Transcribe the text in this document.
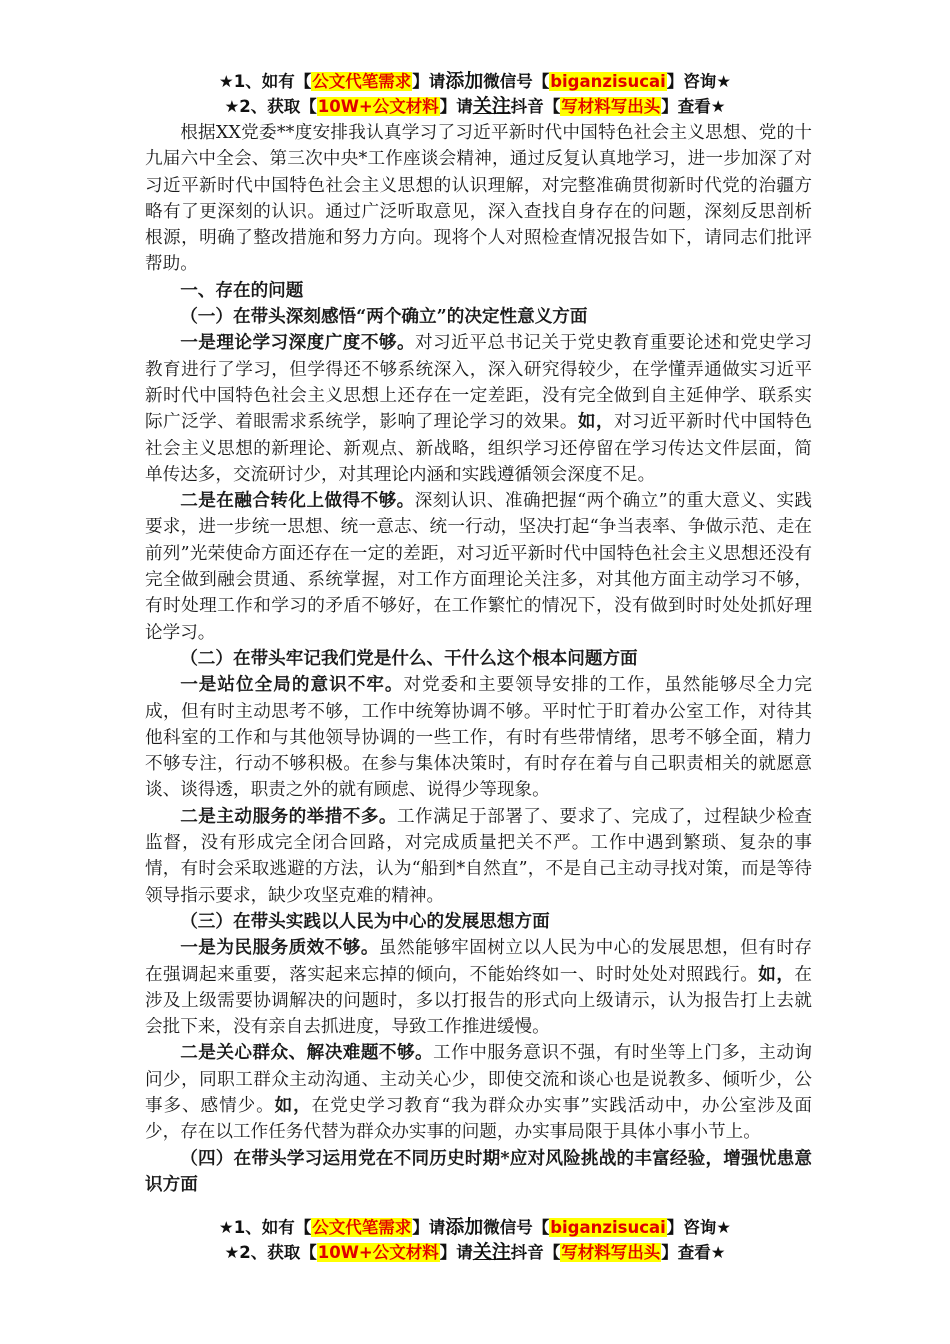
★1、如有【公文代笔需求】请添加微信号【biganzisucai】咨询★
★2、获取【10W+公文材料】请关注抖音【写材料写出头】查看★

根据XX党委**度安排我认真学习了习近平新时代中国特色社会主义思想、党的十九届六中全会、第三次中央*工作座谈会精神，通过反复认真地学习，进一步加深了对习近平新时代中国特色社会主义思想的认识理解，对完整准确贯彻新时代党的治疆方略有了更深刻的认识。通过广泛听取意见，深入查找自身存在的问题，深刻反思剖析根源，明确了整改措施和努力方向。现将个人对照检查情况报告如下，请同志们批评帮助。

一、存在的问题

（一）在带头深刻感悟“两个确立”的决定性意义方面

一是理论学习深度广度不够。对习近平总书记关于党史教育重要论述和党史学习教育进行了学习，但学得还不够系统深入，深入研究得较少，在学懂弄通做实习近平新时代中国特色社会主义思想上还存在一定差距，没有完全做到自主延伸学、联系实际广泛学、着眼需求系统学，影响了理论学习的效果。如，对习近平新时代中国特色社会主义思想的新理论、新观点、新战略，组织学习还停留在学习传达文件层面，简单传达多，交流研讨少，对其理论内涵和实践遵循领会深度不足。

二是在融合转化上做得不够。深刻认识、准确把握“两个确立”的重大意义、实践要求，进一步统一思想、统一意志、统一行动，坚决打起“争当表率、争做示范、走在前列”光荣使命方面还存在一定的差距，对习近平新时代中国特色社会主义思想还没有完全做到融会贯通、系统掌握，对工作方面理论关注多，对其他方面主动学习不够，有时处理工作和学习的矛盾不够好，在工作繁忙的情况下，没有做到时时处处抓好理论学习。

（二）在带头牢记我们党是什么、干什么这个根本问题方面

一是站位全局的意识不牢。对党委和主要领导安排的工作，虽然能够尽全力完成，但有时主动思考不够，工作中统筹协调不够。平时忙于盯着办公室工作，对待其他科室的工作和与其他领导协调的一些工作，有时有些带情绪，思考不够全面，精力不够专注，行动不够积极。在参与集体决策时，有时存在着与自己职责相关的就愿意谈、谈得透，职责之外的就有顾虑、说得少等现象。

二是主动服务的举措不多。工作满足于部署了、要求了、完成了，过程缺少检查监督，没有形成完全闭合回路，对完成质量把关不严。工作中遇到繁琐、复杂的事情，有时会采取逃避的方法，认为“船到*自然直”，不是自己主动寻找对策，而是等待领导指示要求，缺少攻坚克难的精神。

（三）在带头实践以人民为中心的发展思想方面

一是为民服务质效不够。虽然能够牢固树立以人民为中心的发展思想，但有时存在强调起来重要，落实起来忘掉的倾向，不能始终如一、时时处处对照践行。如，在涉及上级需要协调解决的问题时，多以打报告的形式向上级请示，认为报告打上去就会批下来，没有亲自去抓进度，导致工作推进缓慢。

二是关心群众、解决难题不够。工作中服务意识不强，有时坐等上门多，主动询问少，同职工群众主动沟通、主动关心少，即使交流和谈心也是说教多、倾听少，公事多、感情少。如，在党史学习教育“我为群众办实事”实践活动中，办公室涉及面少，存在以工作任务代替为群众办实事的问题，办实事局限于具体小事小节上。

（四）在带头学习运用党在不同历史时期*应对风险挑战的丰富经验，增强忧患意识方面

★1、如有【公文代笔需求】请添加微信号【biganzisucai】咨询★
★2、获取【10W+公文材料】请关注抖音【写材料写出头】查看★
